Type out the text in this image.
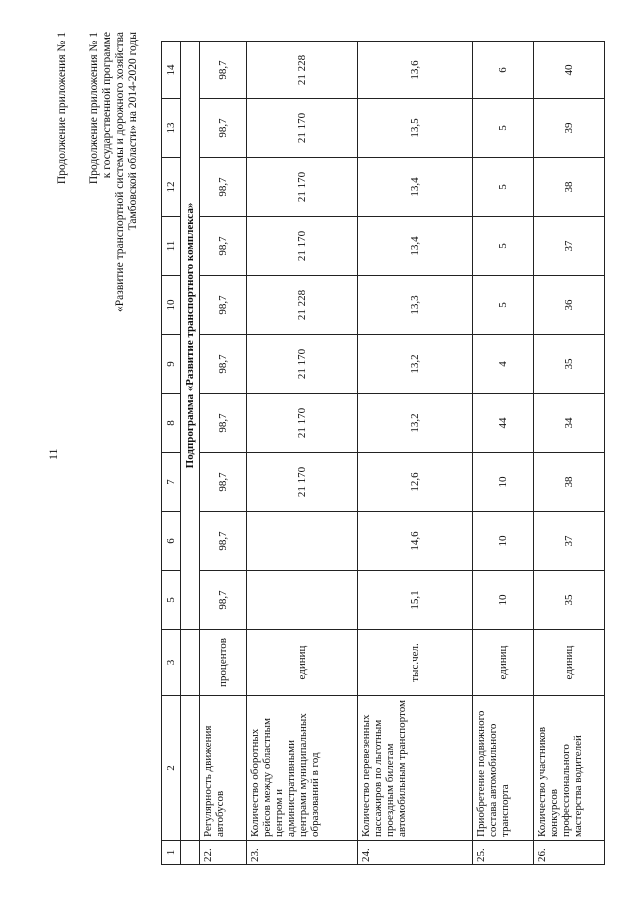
11
Продолжение приложения № 1 Продолжение приложения № 1 к государственной программе «Развитие транспортной системы и дорожного хозяйства Тамбовской области» на 2014-2020 годы
1	2	3	5	6	7	8	9	10	11	12	13	14
			Подпрограмма «Развитие транспортного комплекса»									
22.	Регулярность движения автобусов	процентов	98,7	98,7	98,7	98,7	98,7	98,7	98,7	98,7	98,7	98,7
23.	Количество оборотных рейсов между областным центром и административными центрами муниципальных образований в год	единиц			21 170	21 170	21 170	21 228	21 170	21 170	21 170	21 228
24.	Количество перевезенных пассажиров по льготным проездным билетам автомобильным транспортом	тыс.чел.	15,1	14,6	12,6	13,2	13,2	13,3	13,4	13,4	13,5	13,6
25.	Приобретение подвижного состава автомобильного транспорта	единиц	10	10	10	44	4	5	5	5	5	6
26.	Количество участников конкурсов профессионального мастерства водителей	единиц	35	37	38	34	35	36	37	38	39	40
